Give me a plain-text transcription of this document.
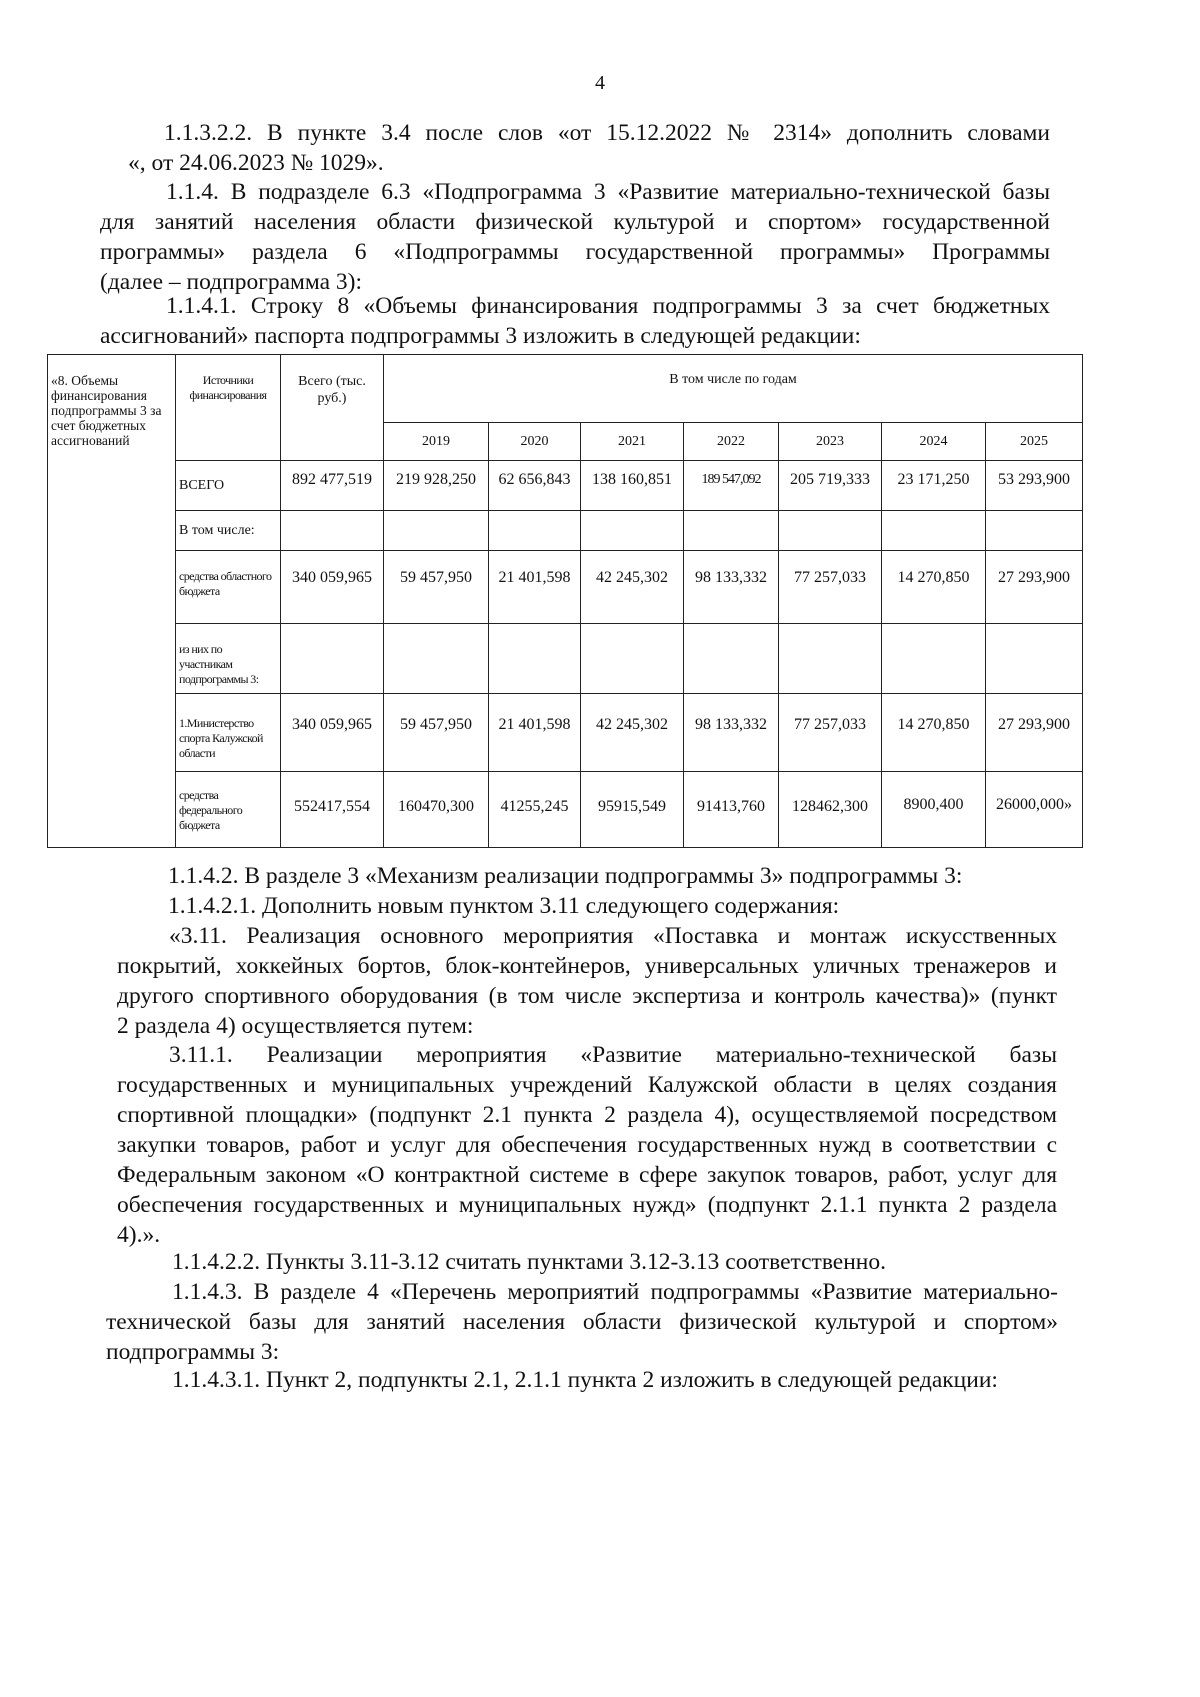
4
1.1.3.2.2. В пункте 3.4 после слов «от 15.12.2022 № 2314» дополнить словами
«, от 24.06.2023 № 1029».
1.1.4. В подразделе 6.3 «Подпрограмма 3 «Развитие материально-технической базы
для занятий населения области физической культурой и спортом» государственной
программы» раздела 6 «Подпрограммы государственной программы» Программы
(далее – подпрограмма 3):
1.1.4.1. Строку 8 «Объемы финансирования подпрограммы 3 за счет бюджетных
ассигнований» паспорта подпрограммы 3 изложить в следующей редакции:
«8. Объемы финансирования подпрограммы 3 за счет бюджетных ассигнований	Источники финансирования	Всего (тыс. руб.)	В том числе по годам						
			2019	2020	2021	2022	2023	2024	2025
	ВСЕГО	892 477,519	219 928,250	62 656,843	138 160,851	189 547,092	205 719,333	23 171,250	53 293,900
	В том числе:								
	средства областного бюджета	340 059,965	59 457,950	21 401,598	42 245,302	98 133,332	77 257,033	14 270,850	27 293,900
	из них по участникам подпрограммы 3:								
	1.Министерство спорта Калужской области	340 059,965	59 457,950	21 401,598	42 245,302	98 133,332	77 257,033	14 270,850	27 293,900
	средства федерального бюджета	552417,554	160470,300	41255,245	95915,549	91413,760	128462,300	8900,400	26000,000»
1.1.4.2. В разделе 3 «Механизм реализации подпрограммы 3» подпрограммы 3:
1.1.4.2.1. Дополнить новым пунктом 3.11 следующего содержания:
«3.11. Реализация основного мероприятия «Поставка и монтаж искусственных
покрытий, хоккейных бортов, блок-контейнеров, универсальных уличных тренажеров и
другого спортивного оборудования (в том числе экспертиза и контроль качества)» (пункт
2 раздела 4) осуществляется путем:
3.11.1. Реализации мероприятия «Развитие материально-технической базы
государственных и муниципальных учреждений Калужской области в целях создания
спортивной площадки» (подпункт 2.1 пункта 2 раздела 4), осуществляемой посредством
закупки товаров, работ и услуг для обеспечения государственных нужд в соответствии с
Федеральным законом «О контрактной системе в сфере закупок товаров, работ, услуг для
обеспечения государственных и муниципальных нужд» (подпункт 2.1.1 пункта 2 раздела
4).».
1.1.4.2.2. Пункты 3.11-3.12 считать пунктами 3.12-3.13 соответственно.
1.1.4.3. В разделе 4 «Перечень мероприятий подпрограммы «Развитие материально-
технической базы для занятий населения области физической культурой и спортом»
подпрограммы 3:
1.1.4.3.1. Пункт 2, подпункты 2.1, 2.1.1 пункта 2 изложить в следующей редакции:
